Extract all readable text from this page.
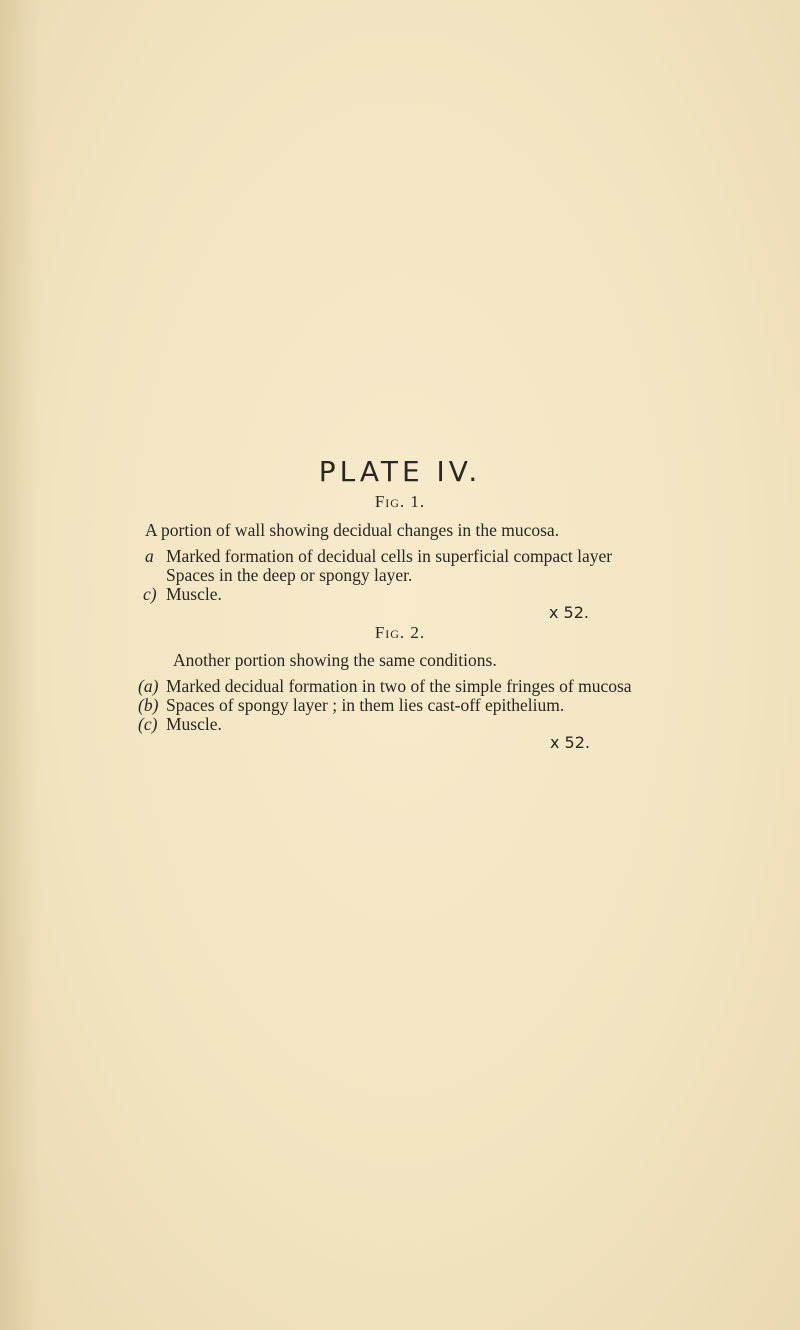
PLATE IV.
Fig. 1.
A portion of wall showing decidual changes in the mucosa.
a Marked formation of decidual cells in superficial compact layer
Spaces in the deep or spongy layer.
c) Muscle.
x 52.
Fig. 2.
Another portion showing the same conditions.
(a) Marked decidual formation in two of the simple fringes of mucosa
(b) Spaces of spongy layer ; in them lies cast-off epithelium.
(c) Muscle.
x 52.
